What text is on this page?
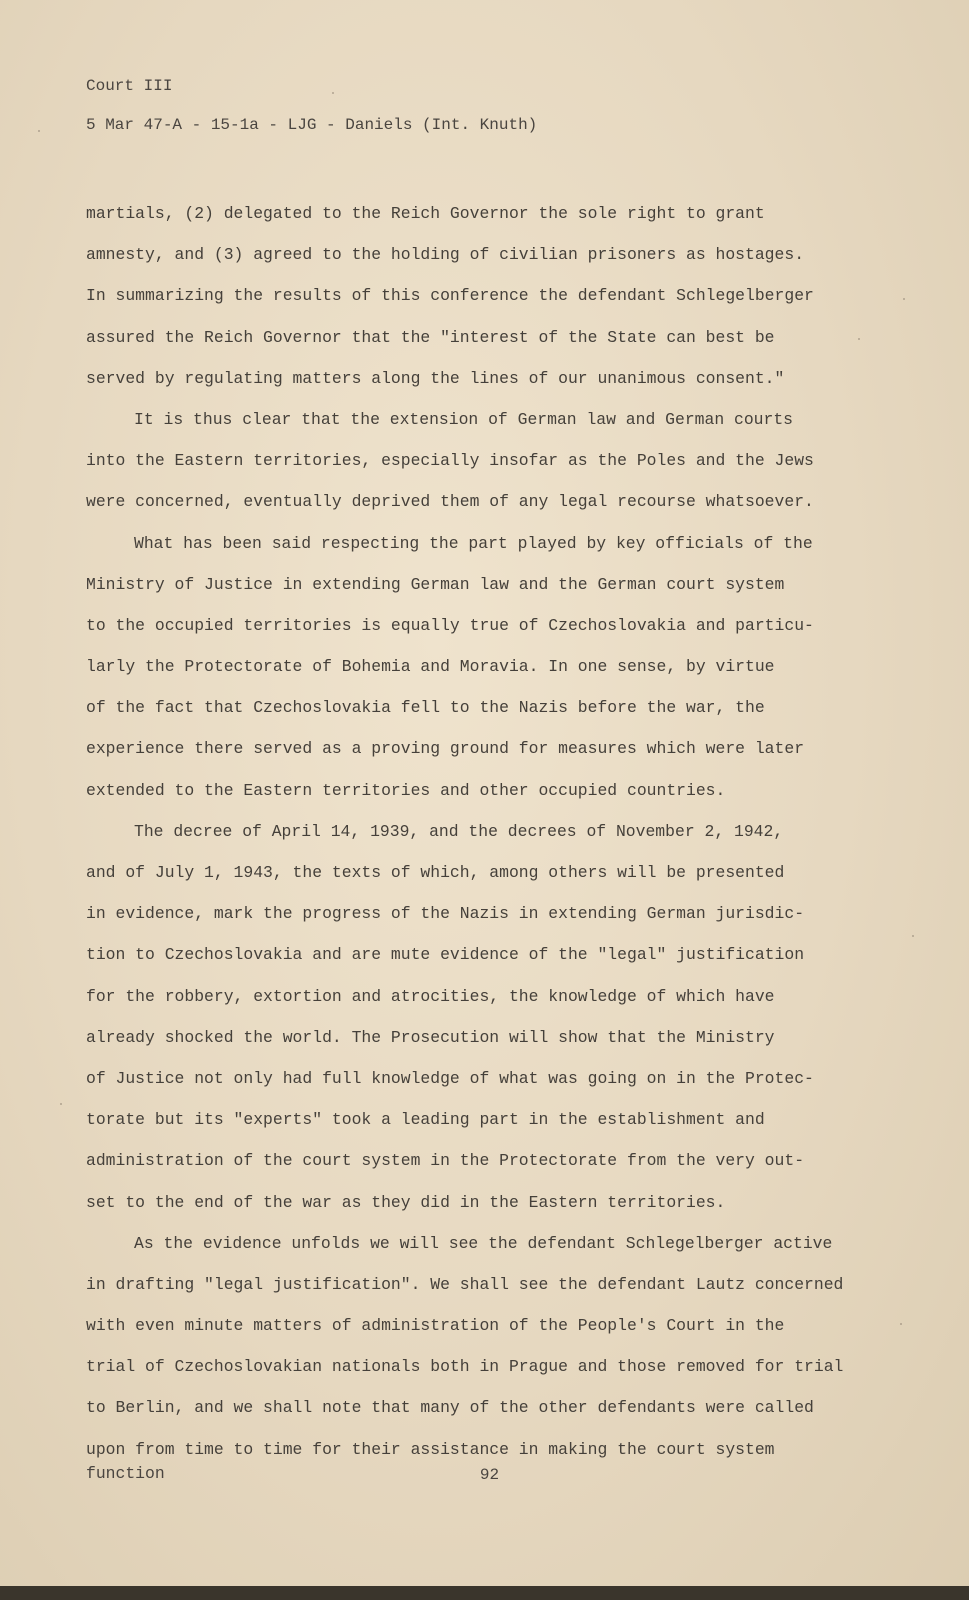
Court III
5 Mar 47-A - 15-1a - LJG - Daniels (Int. Knuth)
martials, (2) delegated to the Reich Governor the sole right to grant
amnesty, and (3) agreed to the holding of civilian prisoners as hostages.
In summarizing the results of this conference the defendant Schlegelberger
assured the Reich Governor that the "interest of the State can best be
served by regulating matters along the lines of our unanimous consent."
It is thus clear that the extension of German law and German courts
into the Eastern territories, especially insofar as the Poles and the Jews
were concerned, eventually deprived them of any legal recourse whatsoever.
What has been said respecting the part played by key officials of the
Ministry of Justice in extending German law and the German court system
to the occupied territories is equally true of Czechoslovakia and particu-
larly the Protectorate of Bohemia and Moravia. In one sense, by virtue
of the fact that Czechoslovakia fell to the Nazis before the war, the
experience there served as a proving ground for measures which were later
extended to the Eastern territories and other occupied countries.
The decree of April 14, 1939, and the decrees of November 2, 1942,
and of July 1, 1943, the texts of which, among others will be presented
in evidence, mark the progress of the Nazis in extending German jurisdic-
tion to Czechoslovakia and are mute evidence of the "legal" justification
for the robbery, extortion and atrocities, the knowledge of which have
already shocked the world. The Prosecution will show that the Ministry
of Justice not only had full knowledge of what was going on in the Protec-
torate but its "experts" took a leading part in the establishment and
administration of the court system in the Protectorate from the very out-
set to the end of the war as they did in the Eastern territories.
As the evidence unfolds we will see the defendant Schlegelberger active
in drafting "legal justification". We shall see the defendant Lautz concerned
with even minute matters of administration of the People's Court in the
trial of Czechoslovakian nationals both in Prague and those removed for trial
to Berlin, and we shall note that many of the other defendants were called
upon from time to time for their assistance in making the court system
function	92
